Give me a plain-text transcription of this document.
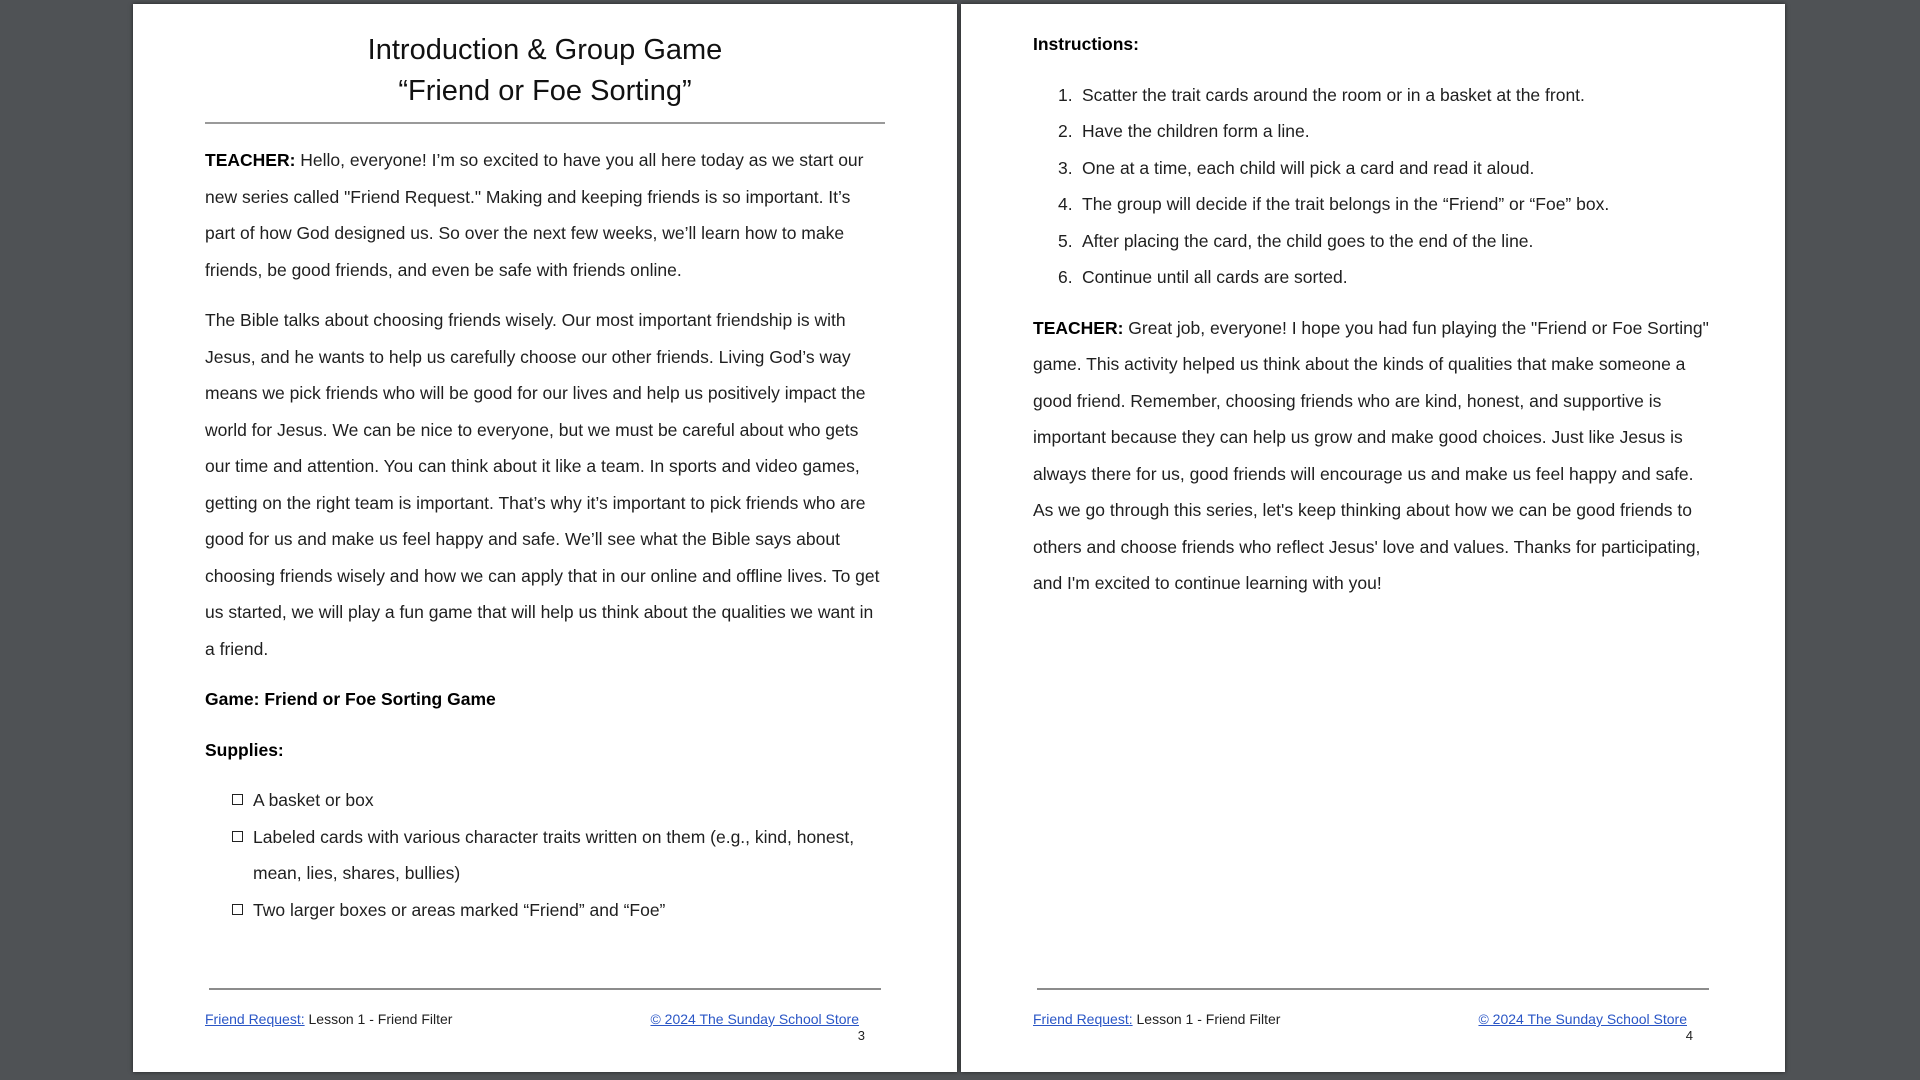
Introduction & Group Game
“Friend or Foe Sorting”

TEACHER: Hello, everyone! I’m so excited to have you all here today as we start our new series called "Friend Request." Making and keeping friends is so important. It’s part of how God designed us. So over the next few weeks, we’ll learn how to make friends, be good friends, and even be safe with friends online.

The Bible talks about choosing friends wisely. Our most important friendship is with Jesus, and he wants to help us carefully choose our other friends. Living God’s way means we pick friends who will be good for our lives and help us positively impact the world for Jesus. We can be nice to everyone, but we must be careful about who gets our time and attention. You can think about it like a team. In sports and video games, getting on the right team is important. That’s why it’s important to pick friends who are good for us and make us feel happy and safe. We’ll see what the Bible says about choosing friends wisely and how we can apply that in our online and offline lives. To get us started, we will play a fun game that will help us think about the qualities we want in a friend.

Game: Friend or Foe Sorting Game
Supplies:
A basket or box
Labeled cards with various character traits written on them (e.g., kind, honest, mean, lies, shares, bullies)
Two larger boxes or areas marked “Friend” and “Foe”
Friend Request: Lesson 1 - Friend Filter	© 2024 The Sunday School Store
3
Instructions:
1. Scatter the trait cards around the room or in a basket at the front.
2. Have the children form a line.
3. One at a time, each child will pick a card and read it aloud.
4. The group will decide if the trait belongs in the “Friend” or “Foe” box.
5. After placing the card, the child goes to the end of the line.
6. Continue until all cards are sorted.

TEACHER: Great job, everyone! I hope you had fun playing the "Friend or Foe Sorting" game. This activity helped us think about the kinds of qualities that make someone a good friend. Remember, choosing friends who are kind, honest, and supportive is important because they can help us grow and make good choices. Just like Jesus is always there for us, good friends will encourage us and make us feel happy and safe. As we go through this series, let's keep thinking about how we can be good friends to others and choose friends who reflect Jesus' love and values. Thanks for participating, and I'm excited to continue learning with you!

Friend Request: Lesson 1 - Friend Filter	© 2024 The Sunday School Store
4
